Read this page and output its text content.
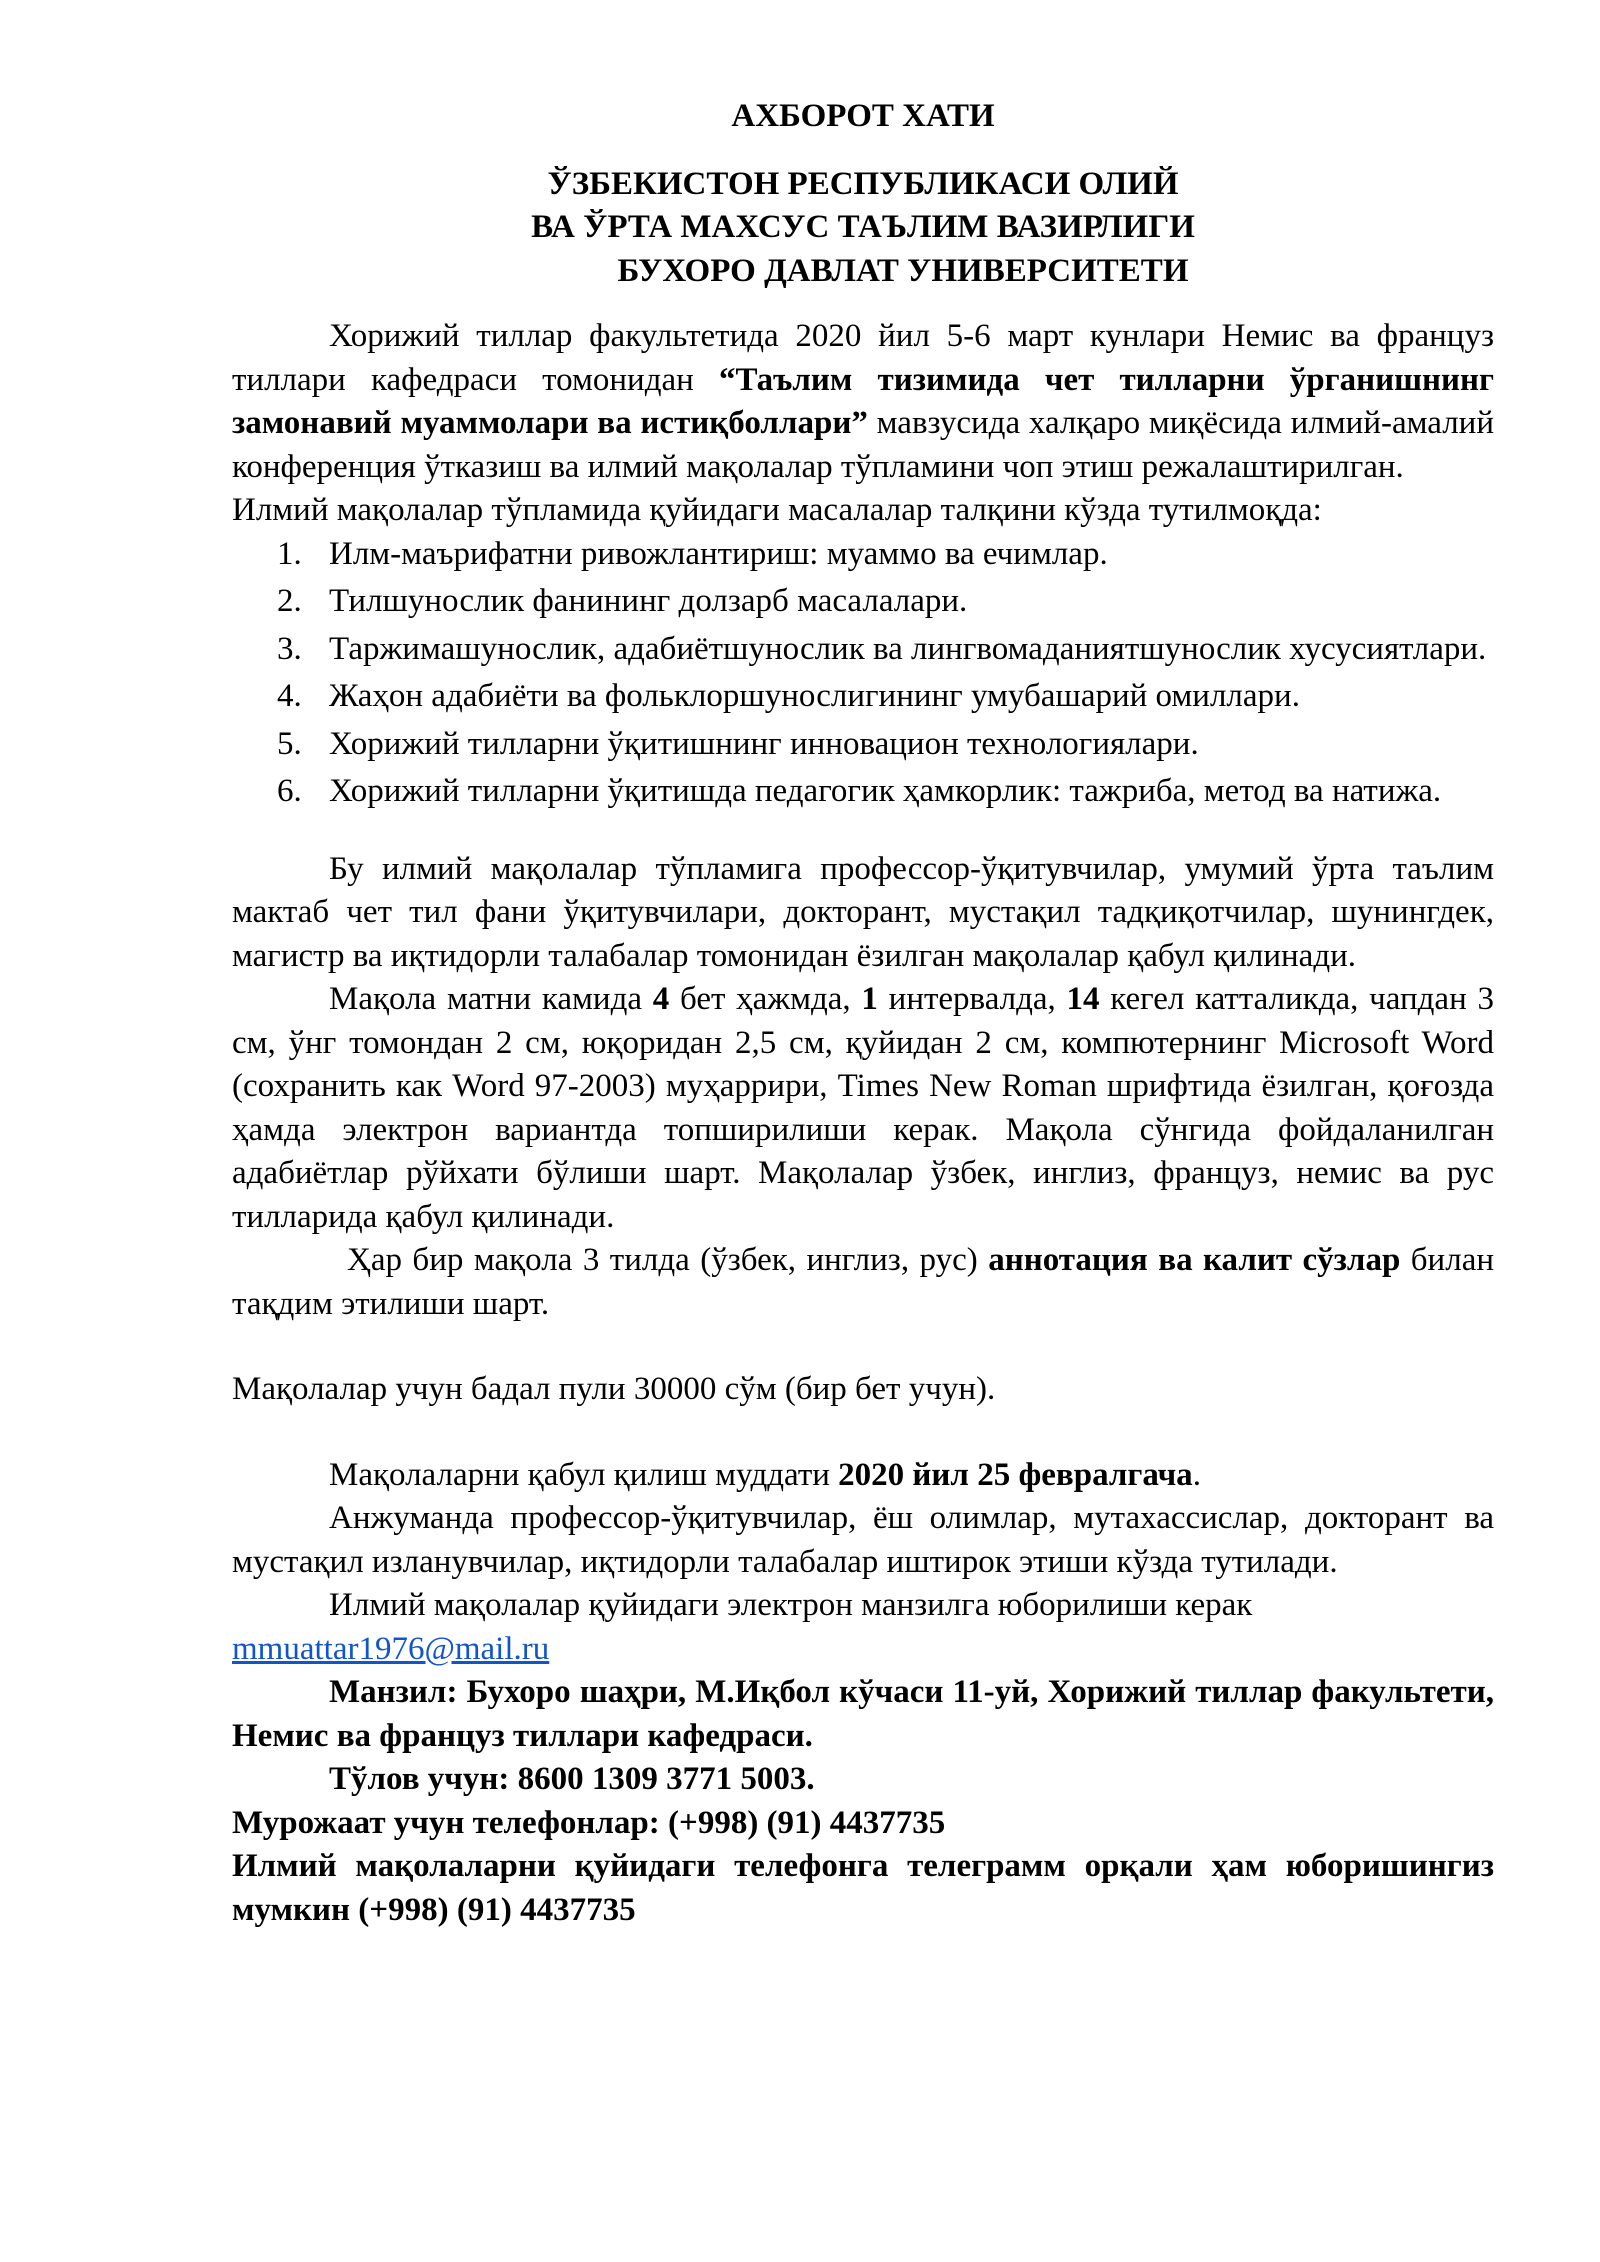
АХБОРОТ ХАТИ
ЎЗБЕКИСТОН РЕСПУБЛИКАСИ ОЛИЙ
ВА ЎРТА МАХСУС ТАЪЛИМ ВАЗИРЛИГИ
БУХОРО ДАВЛАТ УНИВЕРСИТЕТИ

Хорижий тиллар факультетида 2020 йил 5-6 март кунлари Немис ва француз тиллари кафедраси томонидан “Таълим тизимида чет тилларни ўрганишнинг замонавий муаммолари ва истиқболлари” мавзусида халқаро миқёсида илмий-амалий конференция ўтказиш ва илмий мақолалар тўпламини чоп этиш режалаштирилган.

Илмий мақолалар тўпламида қуйидаги масалалар талқини кўзда тутилмоқда:

1. Илм-маърифатни ривожлантириш: муаммо ва ечимлар.
2. Тилшунослик фанининг долзарб масалалари.
3. Таржимашунослик, адабиётшунослик ва лингвомаданиятшунослик хусусиятлари.
4. Жаҳон адабиёти ва фольклоршунослигининг умубашарий омиллари.
5. Хорижий тилларни ўқитишнинг инновацион технологиялари.
6. Хорижий тилларни ўқитишда педагогик ҳамкорлик: тажриба, метод ва натижа.

Бу илмий мақолалар тўпламига профессор-ўқитувчилар, умумий ўрта таълим мактаб чет тил фани ўқитувчилари, докторант, мустақил тадқиқотчилар, шунингдек, магистр ва иқтидорли талабалар томонидан ёзилган мақолалар қабул қилинади.

Мақола матни камида 4 бет ҳажмда, 1 интервалда, 14 кегел катталикда, чапдан 3 см, ўнг томондан 2 см, юқоридан 2,5 см, қуйидан 2 см, компютернинг Microsoft Word (сохранить как Word 97-2003) муҳаррири, Times New Roman шрифтида ёзилган, қоғозда ҳамда электрон вариантда топширилиши керак. Мақола сўнгида фойдаланилган адабиётлар рўйхати бўлиши шарт. Мақолалар ўзбек, инглиз, француз, немис ва рус тилларида қабул қилинади.

Ҳар бир мақола 3 тилда (ўзбек, инглиз, рус) аннотация ва калит сўзлар билан тақдим этилиши шарт.

Мақолалар учун бадал пули 30000 сўм (бир бет учун).

Мақолаларни қабул қилиш муддати 2020 йил 25 февралгача.

Анжуманда профессор-ўқитувчилар, ёш олимлар, мутахассислар, докторант ва мустақил изланувчилар, иқтидорли талабалар иштирок этиши кўзда тутилади.

Илмий мақолалар қуйидаги электрон манзилга юборилиши керак

mmuattar1976@mail.ru

Манзил: Бухоро шаҳри, М.Иқбол кўчаси 11-уй, Хорижий тиллар факультети, Немис ва француз тиллари кафедраси.

Тўлов учун: 8600 1309 3771 5003.

Мурожаат учун телефонлар: (+998) (91) 4437735

Илмий мақолаларни қуйидаги телефонга телеграмм орқали ҳам юборишингиз мумкин (+998) (91) 4437735
